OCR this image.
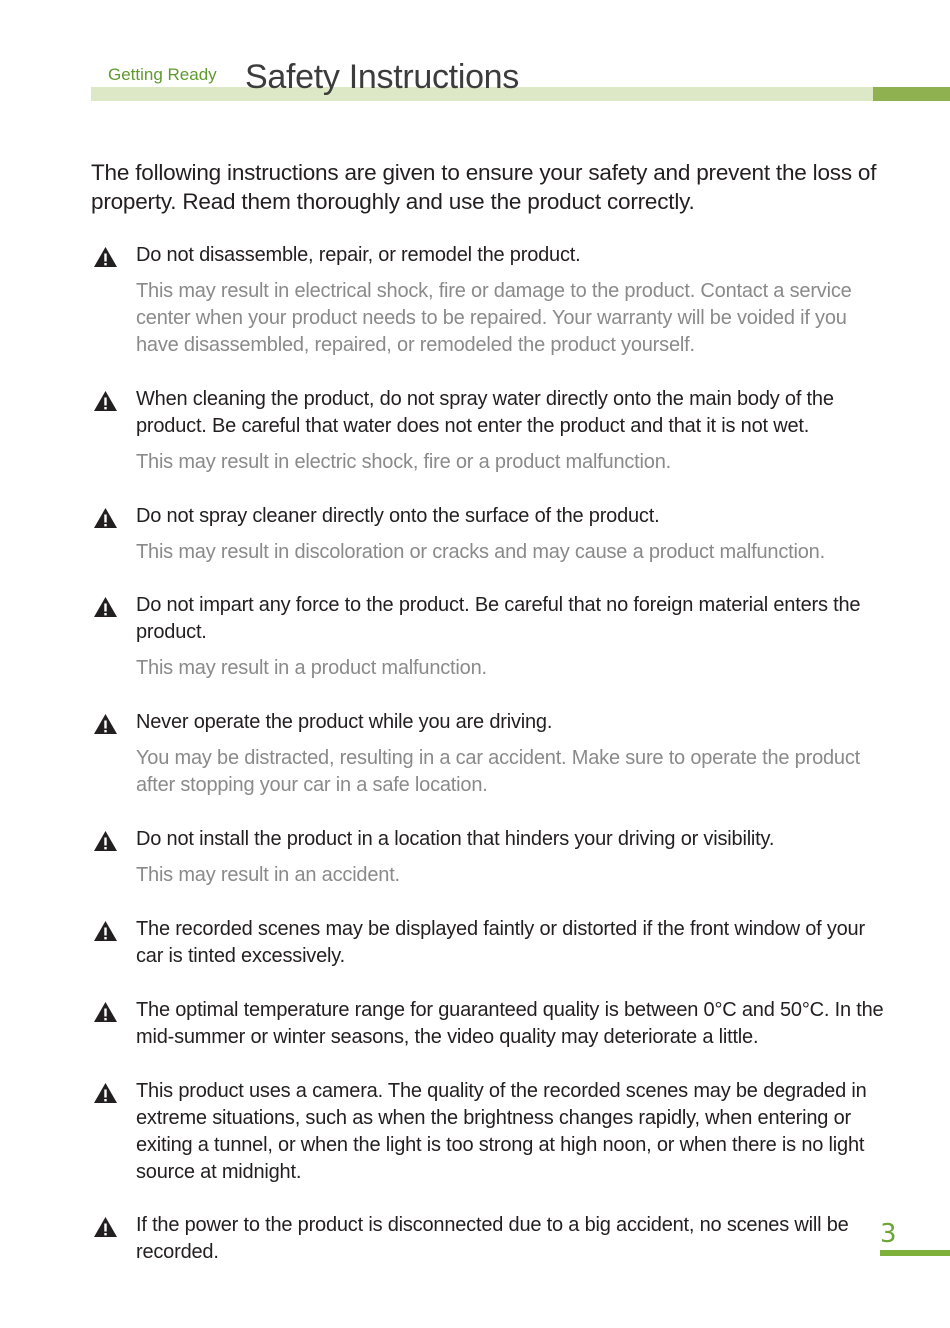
Getting Ready Safety Instructions
The following instructions are given to ensure your safety and prevent the loss of property. Read them thoroughly and use the product correctly.
Do not disassemble, repair, or remodel the product.
This may result in electrical shock, fire or damage to the product. Contact a service center when your product needs to be repaired. Your warranty will be voided if you have disassembled, repaired, or remodeled the product yourself.
When cleaning the product, do not spray water directly onto the main body of the product. Be careful that water does not enter the product and that it is not wet.
This may result in electric shock, fire or a product malfunction.
Do not spray cleaner directly onto the surface of the product.
This may result in discoloration or cracks and may cause a product malfunction.
Do not impart any force to the product. Be careful that no foreign material enters the product.
This may result in a product malfunction.
Never operate the product while you are driving.
You may be distracted, resulting in a car accident. Make sure to operate the product after stopping your car in a safe location.
Do not install the product in a location that hinders your driving or visibility.
This may result in an accident.
The recorded scenes may be displayed faintly or distorted if the front window of your car is tinted excessively.
The optimal temperature range for guaranteed quality is between 0°C and 50°C. In the mid-summer or winter seasons, the video quality may deteriorate a little.
This product uses a camera. The quality of the recorded scenes may be degraded in extreme situations, such as when the brightness changes rapidly, when entering or exiting a tunnel, or when the light is too strong at high noon, or when there is no light source at midnight.
If the power to the product is disconnected due to a big accident, no scenes will be recorded.
3
